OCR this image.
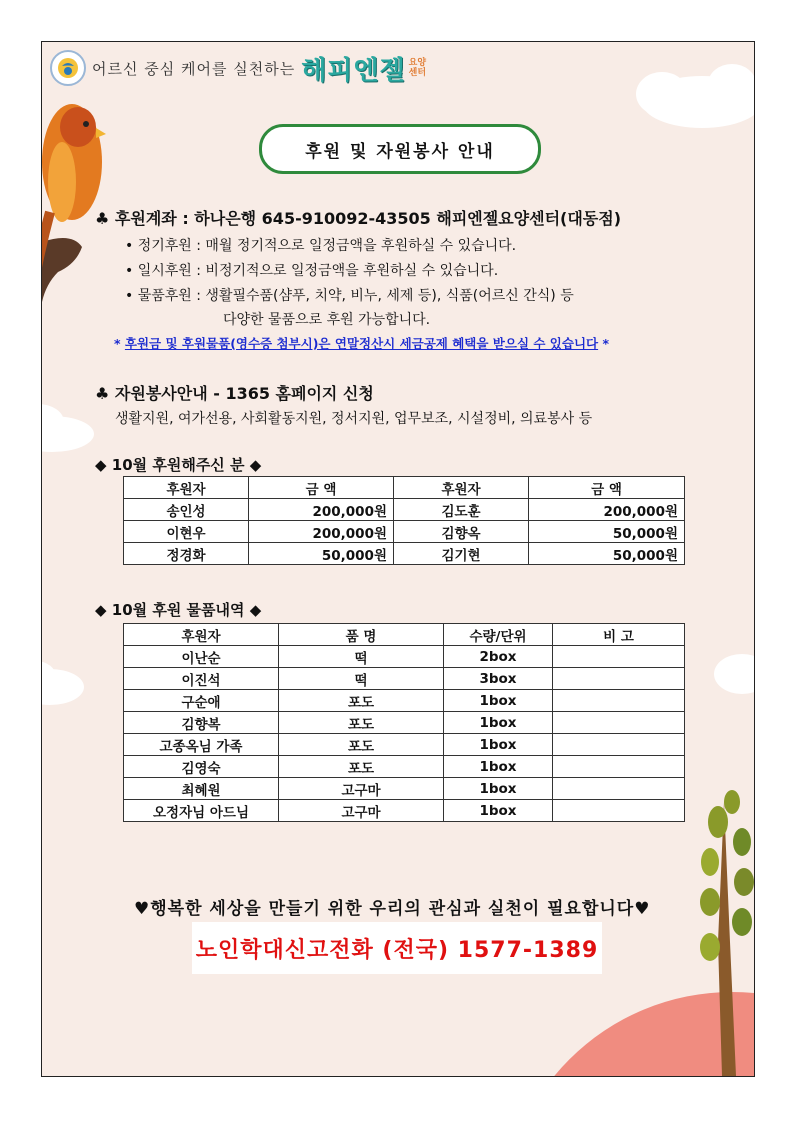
어르신 중심 케어를 실천하는 해피엔젤 요양
센터
후원 및 자원봉사 안내
♣ 후원계좌 : 하나은행 645-910092-43505 해피엔젤요양센터(대동점)
• 정기후원 : 매월 정기적으로 일정금액을 후원하실 수 있습니다.
• 일시후원 : 비정기적으로 일정금액을 후원하실 수 있습니다.
• 물품후원 : 생활필수품(샴푸, 치약, 비누, 세제 등), 식품(어르신 간식) 등
다양한 물품으로 후원 가능합니다.
* 후원금 및 후원물품(영수증 첨부시)은 연말정산시 세금공제 혜택을 받으실 수 있습니다 *
♣ 자원봉사안내 - 1365 홈페이지 신청
생활지원, 여가선용, 사회활동지원, 정서지원, 업무보조, 시설정비, 의료봉사 등
◆ 10월 후원해주신 분 ◆
후원자	금 액	후원자	금 액
송인성	200,000원	김도훈	200,000원
이현우	200,000원	김향옥	50,000원
정경화	50,000원	김기현	50,000원
◆ 10월 후원 물품내역 ◆
후원자	품 명	수량/단위	비 고
이난순	떡	2box	
이진석	떡	3box	
구순애	포도	1box	
김향복	포도	1box	
고종옥님 가족	포도	1box	
김영숙	포도	1box	
최혜원	고구마	1box	
오정자님 아드님	고구마	1box	
♥행복한 세상을 만들기 위한 우리의 관심과 실천이 필요합니다♥
노인학대신고전화 (전국) 1577-1389
